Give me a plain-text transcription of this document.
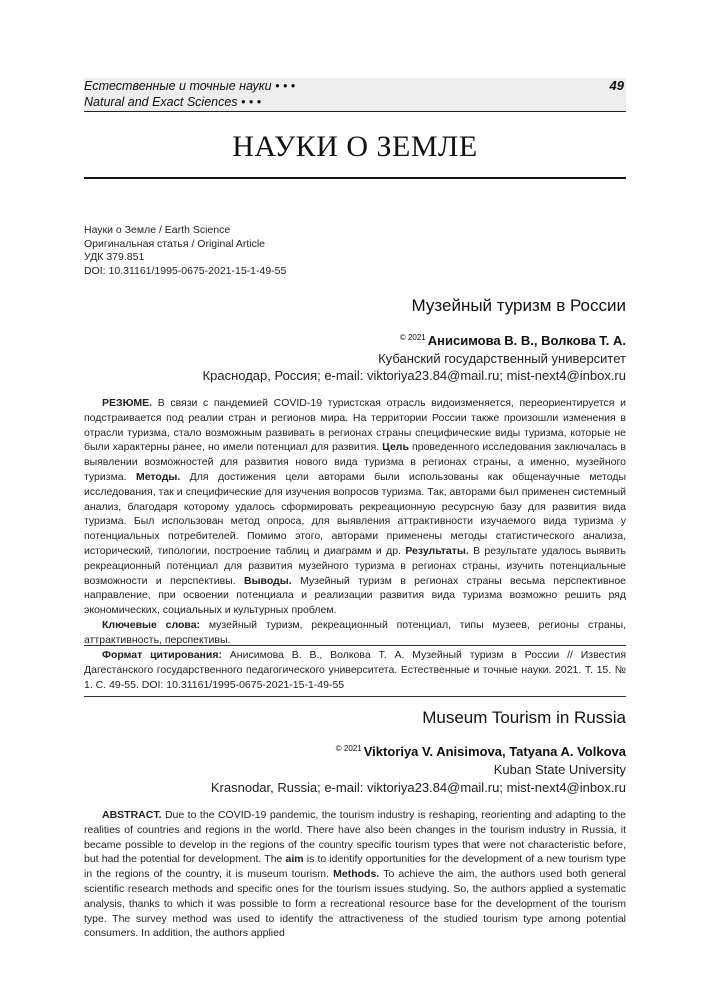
Естественные и точные науки • • •
Natural and Exact Sciences • • •
49
НАУКИ О ЗЕМЛЕ
Науки о Земле / Earth Science
Оригинальная статья / Original Article
УДК 379.851
DOI: 10.31161/1995-0675-2021-15-1-49-55
Музейный туризм в России
$^{© 2021}$ Анисимова В. В., Волкова Т. А.
Кубанский государственный университет
Краснодар, Россия; e-mail: viktoriya23.84@mail.ru; mist-next4@inbox.ru
РЕЗЮМЕ. В связи с пандемией COVID-19 туристская отрасль видоизменяется, переориентируется и подстраивается под реалии стран и регионов мира. На территории России также произошли изменения в отрасли туризма, стало возможным развивать в регионах страны специфические виды туризма, которые не были характерны ранее, но имели потенциал для развития. Цель проведенного исследования заключалась в выявлении возможностей для развития нового вида туризма в регионах страны, а именно, музейного туризма. Методы. Для достижения цели авторами были использованы как общенаучные методы исследования, так и специфические для изучения вопросов туризма. Так, авторами был применен системный анализ, благодаря которому удалось сформировать рекреационную ресурсную базу для развития вида туризма. Был использован метод опроса, для выявления аттрактивности изучаемого вида туризма у потенциальных потребителей. Помимо этого, авторами применены методы статистического анализа, исторический, типологии, построение таблиц и диаграмм и др. Результаты. В результате удалось выявить рекреационный потенциал для развития музейного туризма в регионах страны, изучить потенциальные возможности и перспективы. Выводы. Музейный туризм в регионах страны весьма перспективное направление, при освоении потенциала и реализации развития вида туризма возможно решить ряд экономических, социальных и культурных проблем.
Ключевые слова: музейный туризм, рекреационный потенциал, типы музеев, регионы страны, аттрактивность, перспективы.
Формат цитирования: Анисимова В. В., Волкова Т. А. Музейный туризм в России // Известия Дагестанского государственного педагогического университета. Естественные и точные науки. 2021. Т. 15. № 1. С. 49-55. DOI: 10.31161/1995-0675-2021-15-1-49-55
Museum Tourism in Russia
$^{© 2021}$ Viktoriya V. Anisimova, Tatyana A. Volkova
Kuban State University
Krasnodar, Russia; e-mail: viktoriya23.84@mail.ru; mist-next4@inbox.ru
ABSTRACT. Due to the COVID-19 pandemic, the tourism industry is reshaping, reorienting and adapting to the realities of countries and regions in the world. There have also been changes in the tourism industry in Russia, it became possible to develop in the regions of the country specific tourism types that were not characteristic before, but had the potential for development. The aim is to identify opportunities for the development of a new tourism type in the regions of the country, it is museum tourism. Methods. To achieve the aim, the authors used both general scientific research methods and specific ones for the tourism issues studying. So, the authors applied a systematic analysis, thanks to which it was possible to form a recreational resource base for the development of the tourism type. The survey method was used to identify the attractiveness of the studied tourism type among potential consumers. In addition, the authors applied
